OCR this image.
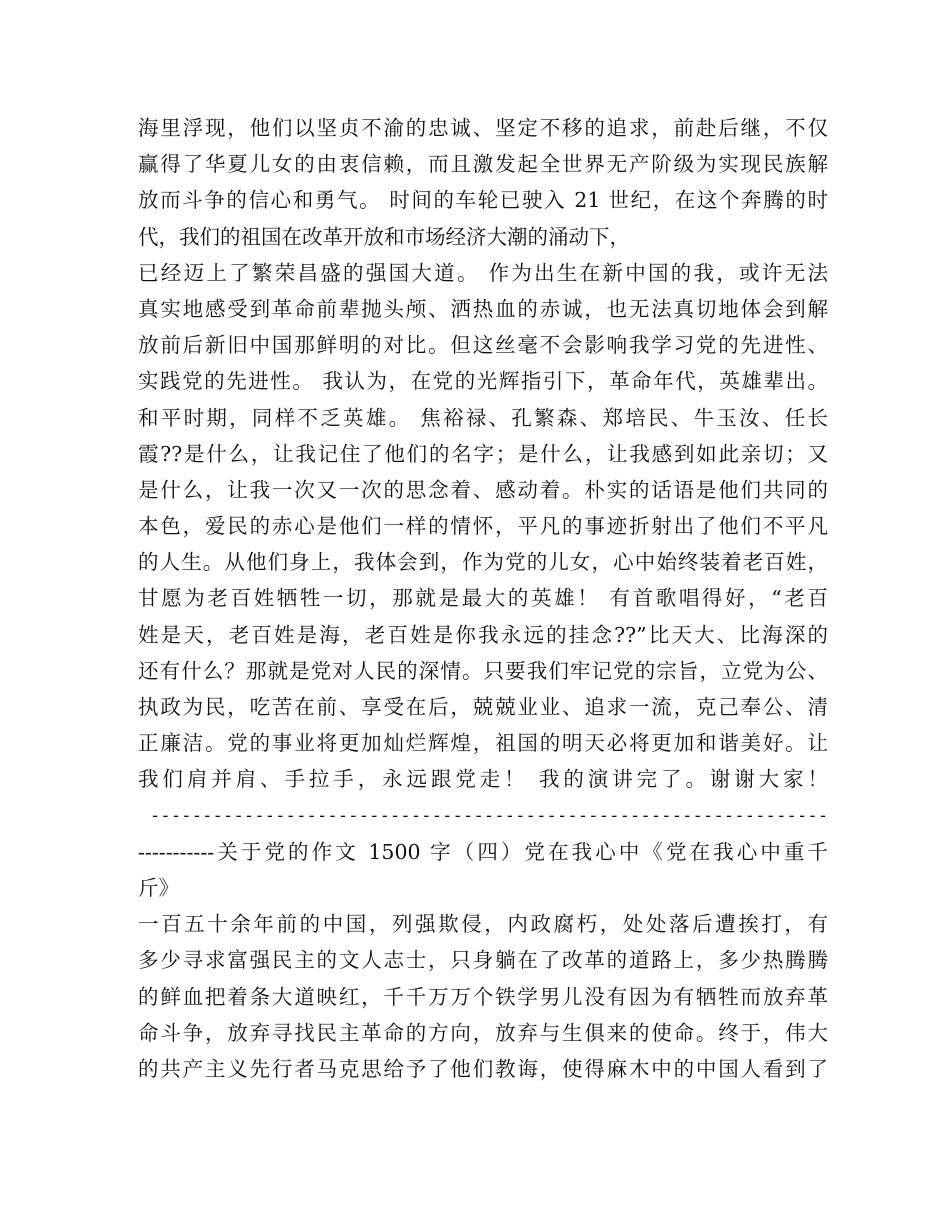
海里浮现，他们以坚贞不渝的忠诚、坚定不移的追求，前赴后继，不仅
赢得了华夏儿女的由衷信赖，而且激发起全世界无产阶级为实现民族解
放而斗争的信心和勇气。 时间的车轮已驶入 21 世纪，在这个奔腾的时
代，我们的祖国在改革开放和市场经济大潮的涌动下，
已经迈上了繁荣昌盛的强国大道。 作为出生在新中国的我，或许无法
真实地感受到革命前辈抛头颅、洒热血的赤诚，也无法真切地体会到解
放前后新旧中国那鲜明的对比。但这丝毫不会影响我学习党的先进性、
实践党的先进性。 我认为，在党的光辉指引下，革命年代，英雄辈出。
和平时期，同样不乏英雄。 焦裕禄、孔繁森、郑培民、牛玉汝、任长
霞??是什么，让我记住了他们的名字；是什么，让我感到如此亲切；又
是什么，让我一次又一次的思念着、感动着。朴实的话语是他们共同的
本色，爱民的赤心是他们一样的情怀，平凡的事迹折射出了他们不平凡
的人生。从他们身上，我体会到，作为党的儿女，心中始终装着老百姓，
甘愿为老百姓牺牲一切，那就是最大的英雄！ 有首歌唱得好，“老百
姓是天，老百姓是海，老百姓是你我永远的挂念??”比天大、比海深的
还有什么？那就是党对人民的深情。只要我们牢记党的宗旨，立党为公、
执政为民，吃苦在前、享受在后，兢兢业业、追求一流，克己奉公、清
正廉洁。党的事业将更加灿烂辉煌，祖国的明天必将更加和谐美好。让
我们肩并肩、手拉手，永远跟党走！ 我的演讲完了。谢谢大家！
-----------------------------------------------------------------
-----------关于党的作文 1500 字（四）党在我心中《党在我心中重千
斤》
一百五十余年前的中国，列强欺侵，内政腐朽，处处落后遭挨打，有
多少寻求富强民主的文人志士，只身躺在了改革的道路上，多少热腾腾
的鲜血把着条大道映红，千千万万个铁学男儿没有因为有牺牲而放弃革
命斗争，放弃寻找民主革命的方向，放弃与生俱来的使命。终于，伟大
的共产主义先行者马克思给予了他们教诲，使得麻木中的中国人看到了
